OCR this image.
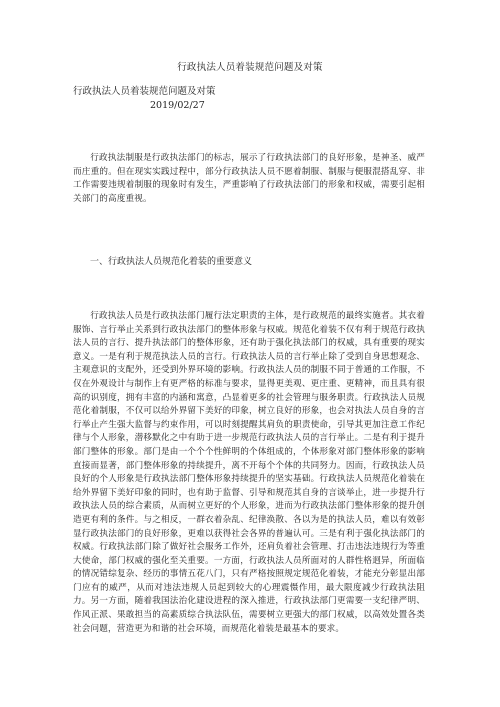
行政执法人员着装规范问题及对策
行政执法人员着装规范问题及对策
2019/02/27

行政执法制服是行政执法部门的标志，展示了行政执法部门的良好形象，是神圣、威严而庄重的。但在现实实践过程中，部分行政执法人员不愿着制服、制服与便服混搭乱穿、非工作需要违规着制服的现象时有发生，严重影响了行政执法部门的形象和权威，需要引起相关部门的高度重视。

一、行政执法人员规范化着装的重要意义

行政执法人员是行政执法部门履行法定职责的主体，是行政规范的最终实施者。其衣着服饰、言行举止关系到行政执法部门的整体形象与权威。规范化着装不仅有利于规范行政执法人员的言行、提升执法部门的整体形象，还有助于强化执法部门的权威，具有重要的现实意义。一是有利于规范执法人员的言行。行政执法人员的言行举止除了受到自身思想观念、主观意识的支配外，还受到外界环境的影响。行政执法人员的制服不同于普通的工作服，不仅在外观设计与制作上有更严格的标准与要求，显得更美观、更庄重、更精神，而且具有很高的识别度，拥有丰富的内涵和寓意，凸显着更多的社会管理与服务职责。行政执法人员规范化着制服，不仅可以给外界留下美好的印象，树立良好的形象，也会对执法人员自身的言行举止产生强大监督与约束作用，可以时刻提醒其肩负的职责使命，引导其更加注意工作纪律与个人形象，潜移默化之中有助于进一步规范行政执法人员的言行举止。二是有利于提升部门整体的形象。部门是由一个个个性鲜明的个体组成的，个体形象对部门整体形象的影响直接而显著，部门整体形象的持续提升，离不开每个个体的共同努力。因而，行政执法人员良好的个人形象是行政执法部门整体形象持续提升的坚实基础。行政执法人员规范化着装在给外界留下美好印象的同时，也有助于监督、引导和规范其自身的言谈举止，进一步提升行政执法人员的综合素质，从而树立更好的个人形象，进而为行政执法部门整体形象的提升创造更有利的条件。与之相反，一群衣着杂乱、纪律涣散、各以为是的执法人员，难以有效彰显行政执法部门的良好形象，更难以获得社会各界的普遍认可。三是有利于强化执法部门的权威。行政执法部门除了做好社会服务工作外，还肩负着社会管理、打击违法违规行为等重大使命，部门权威的强化至关重要。一方面，行政执法人员所面对的人群性格迥异，所面临的情况错综复杂、经历的事情五花八门，只有严格按照规定规范化着装，才能充分彰显出部门应有的威严，从而对违法违规人员起到较大的心理震慑作用，最大限度减少行政执法阻力。另一方面，随着我国法治化建设进程的深入推进，行政执法部门更需要一支纪律严明、作风正派、果敢担当的高素质综合执法队伍，需要树立更强大的部门权威，以高效处置各类社会问题，营造更为和谐的社会环境，而规范化着装是最基本的要求。
